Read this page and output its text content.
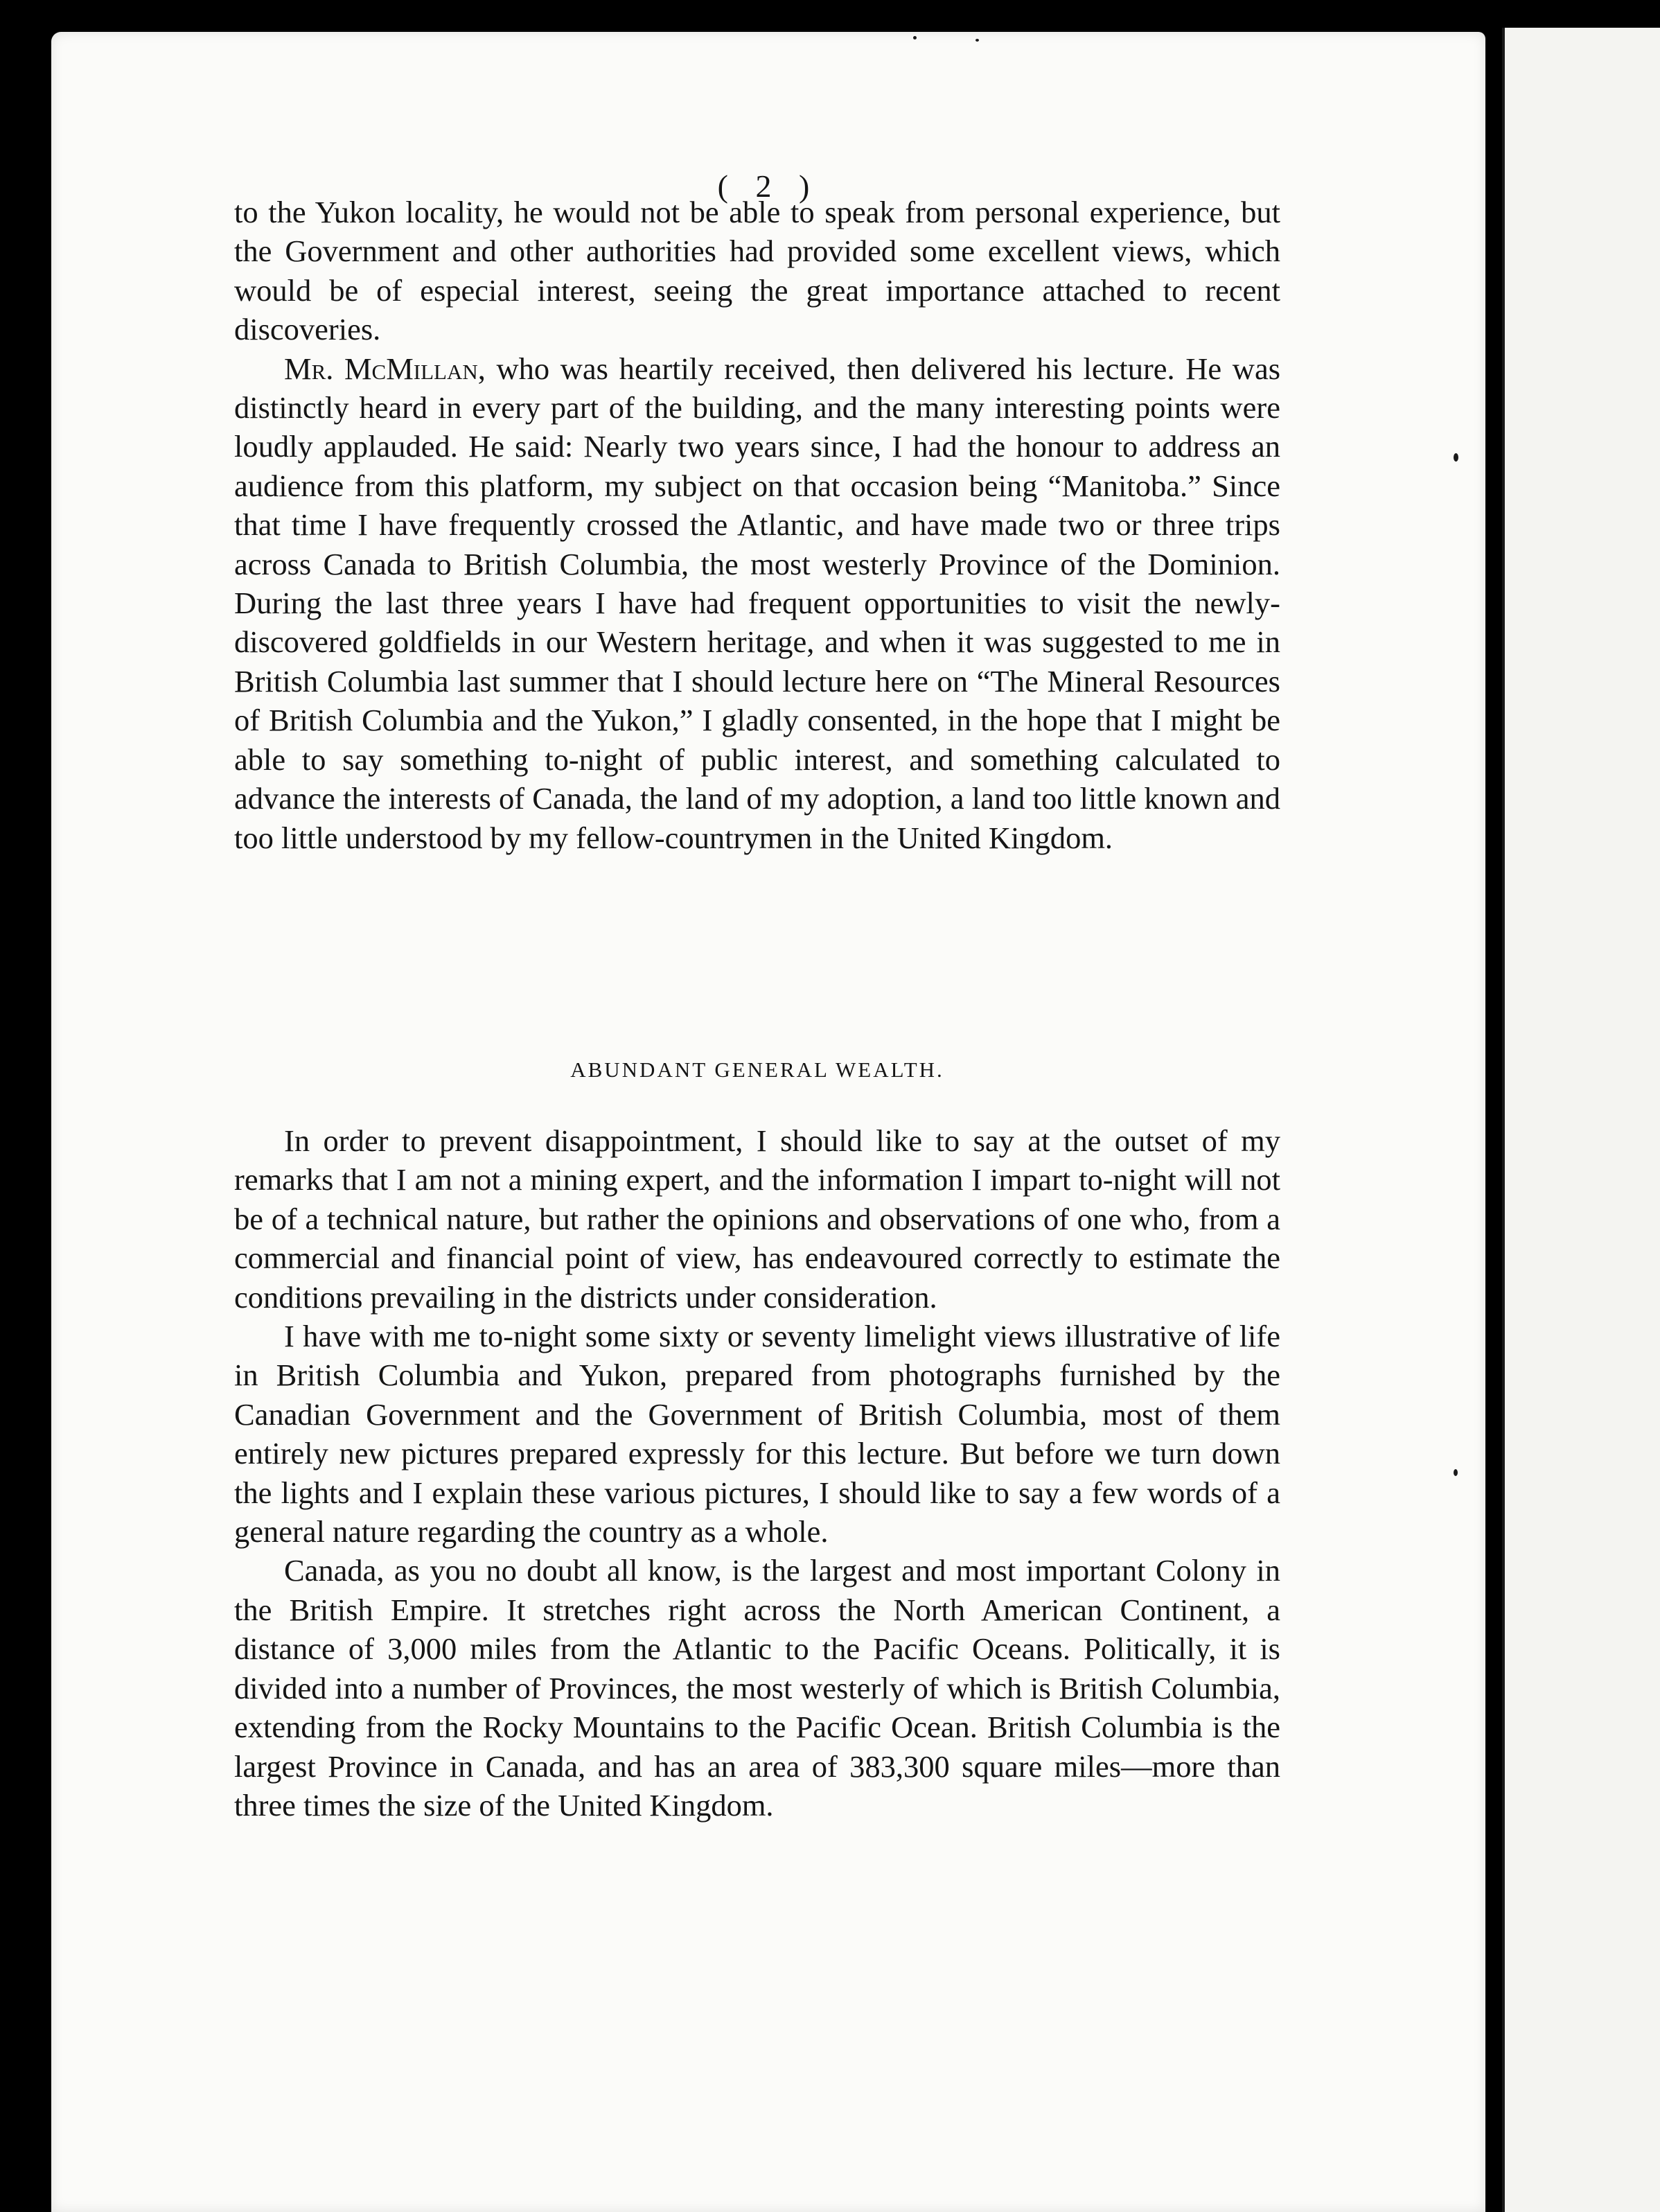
( 2 )

to the Yukon locality, he would not be able to speak from personal experience, but the Government and other authorities had provided some excellent views, which would be of especial interest, seeing the great importance attached to recent discoveries.

Mr. McMillan, who was heartily received, then delivered his lecture. He was distinctly heard in every part of the building, and the many interesting points were loudly applauded. He said: Nearly two years since, I had the honour to address an audience from this platform, my subject on that occasion being “Manitoba.” Since that time I have frequently crossed the Atlantic, and have made two or three trips across Canada to British Columbia, the most westerly Province of the Dominion. During the last three years I have had frequent opportunities to visit the newly-discovered goldfields in our Western heritage, and when it was suggested to me in British Columbia last summer that I should lecture here on “The Mineral Resources of British Columbia and the Yukon,” I gladly consented, in the hope that I might be able to say something to-night of public interest, and something calculated to advance the interests of Canada, the land of my adoption, a land too little known and too little understood by my fellow-countrymen in the United Kingdom.

ABUNDANT GENERAL WEALTH.

In order to prevent disappointment, I should like to say at the outset of my remarks that I am not a mining expert, and the information I impart to-night will not be of a technical nature, but rather the opinions and observations of one who, from a commercial and financial point of view, has endeavoured correctly to estimate the conditions prevailing in the districts under consideration.

I have with me to-night some sixty or seventy limelight views illustrative of life in British Columbia and Yukon, prepared from photographs furnished by the Canadian Government and the Government of British Columbia, most of them entirely new pictures prepared expressly for this lecture. But before we turn down the lights and I explain these various pictures, I should like to say a few words of a general nature regarding the country as a whole.

Canada, as you no doubt all know, is the largest and most important Colony in the British Empire. It stretches right across the North American Continent, a distance of 3,000 miles from the Atlantic to the Pacific Oceans. Politically, it is divided into a number of Provinces, the most westerly of which is British Columbia, extending from the Rocky Mountains to the Pacific Ocean. British Columbia is the largest Province in Canada, and has an area of 383,300 square miles—more than three times the size of the United Kingdom.
